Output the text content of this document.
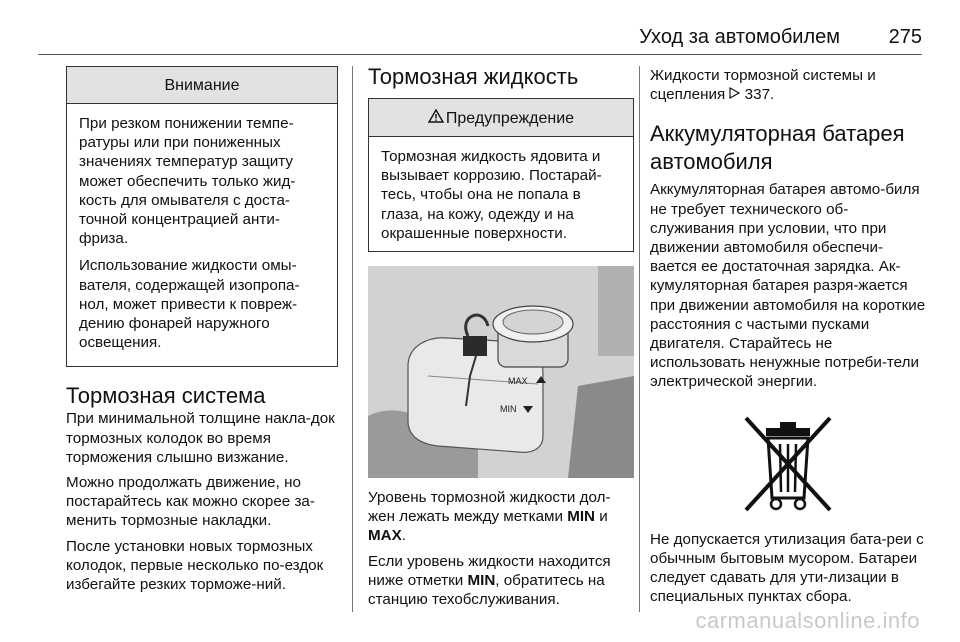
Уход за автомобилем 275
Внимание

При резком понижении темпе-ратуры или при пониженных значениях температур защиту может обеспечить только жид-кость для омывателя с доста-точной концентрацией анти-фриза.

Использование жидкости омы-вателя, содержащей изопропа-нол, может привести к повреж-дению фонарей наружного освещения.

Тормозная система

При минимальной толщине накла-док тормозных колодок во время торможения слышно визжание.

Можно продолжать движение, но постарайтесь как можно скорее за-менить тормозные накладки.

После установки новых тормозных колодок, первые несколько по-ездок избегайте резких торможе-ний.

Тормозная жидкость
Предупреждение

Тормозная жидкость ядовита и вызывает коррозию. Постарай-тесь, чтобы она не попала в глаза, на кожу, одежду и на окрашенные поверхности.

MAX
MIN

Уровень тормозной жидкости дол-жен лежать между метками MIN и MAX.

Если уровень жидкости находится ниже отметки MIN, обратитесь на станцию техобслуживания.

Жидкости тормозной системы и сцепления 337.

Аккумуляторная батарея автомобиля

Аккумуляторная батарея автомо-биля не требует технического об-служивания при условии, что при движении автомобиля обеспечи-вается ее достаточная зарядка. Ак-кумуляторная батарея разря-жается при движении автомобиля на короткие расстояния с частыми пусками двигателя. Старайтесь не использовать ненужные потреби-тели электрической энергии.

Не допускается утилизация бата-реи с обычным бытовым мусором. Батареи следует сдавать для ути-лизации в специальных пунктах сбора.

carmanualsonline.info
